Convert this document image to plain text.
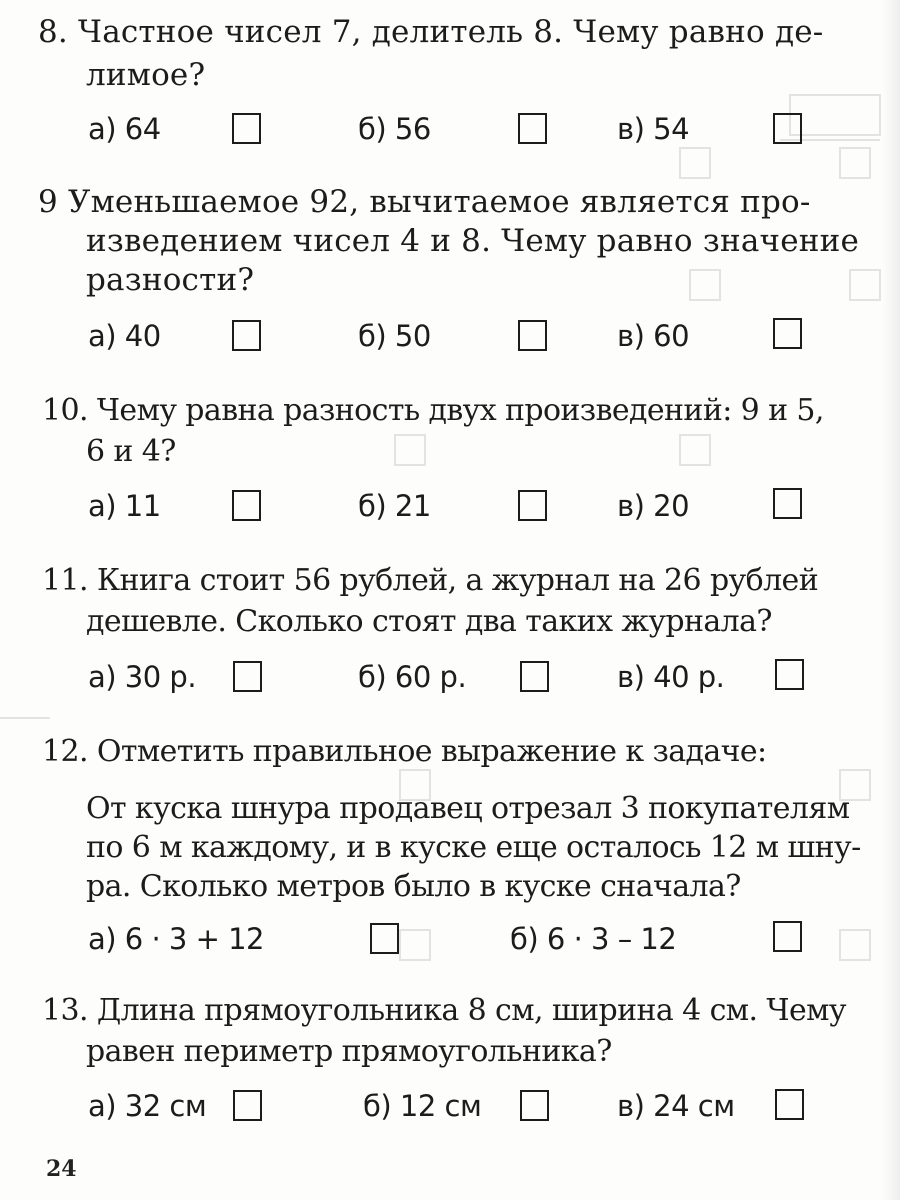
8. Частное чисел 7, делитель 8. Чему равно де-
лимое?
а) 64	б) 56	в) 54
9 Уменьшаемое 92, вычитаемое является про-
изведением чисел 4 и 8. Чему равно значение
разности?
а) 40	б) 50	в) 60
10. Чему равна разность двух произведений: 9 и 5,
6 и 4?
а) 11	б) 21	в) 20
11. Книга стоит 56 рублей, а журнал на 26 рублей
дешевле. Сколько стоят два таких журнала?
а) 30 р.	б) 60 р.	в) 40 р.
12. Отметить правильное выражение к задаче:
От куска шнура продавец отрезал 3 покупателям
по 6 м каждому, и в куске еще осталось 12 м шну-
ра. Сколько метров было в куске сначала?
а) 6 · 3 + 12	б) 6 · 3 – 12
13. Длина прямоугольника 8 см, ширина 4 см. Чему
равен периметр прямоугольника?
а) 32 см	б) 12 см	в) 24 см
24
